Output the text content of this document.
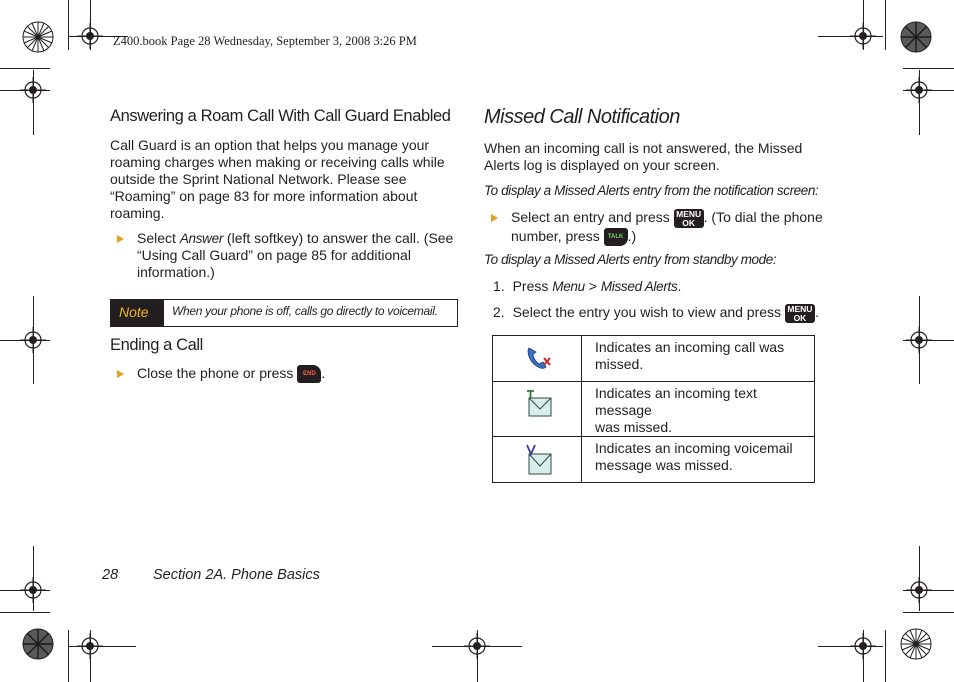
Z400.book Page 28 Wednesday, September 3, 2008 3:26 PM
Answering a Roam Call With Call Guard Enabled
Call Guard is an option that helps you manage your
roaming charges when making or receiving calls while
outside the Sprint National Network. Please see
“Roaming” on page 83 for more information about
roaming.
Select Answer (left softkey) to answer the call. (See
“Using Call Guard” on page 85 for additional
information.)
Note	When your phone is off, calls go directly to voicemail.
Ending a Call
Close the phone or press END .
Missed Call Notification
When an incoming call is not answered, the Missed
Alerts log is displayed on your screen.
To display a Missed Alerts entry from the notification screen:
Select an entry and press MENU
OK . (To dial the phone
number, press TALK .)
To display a Missed Alerts entry from standby mode:
1. Press Menu > Missed Alerts.
2. Select the entry you wish to view and press MENU
OK .

Indicates an incoming call was
missed.

Indicates an incoming text message
was missed.

Indicates an incoming voicemail
message was missed.
28 Section 2A. Phone Basics
